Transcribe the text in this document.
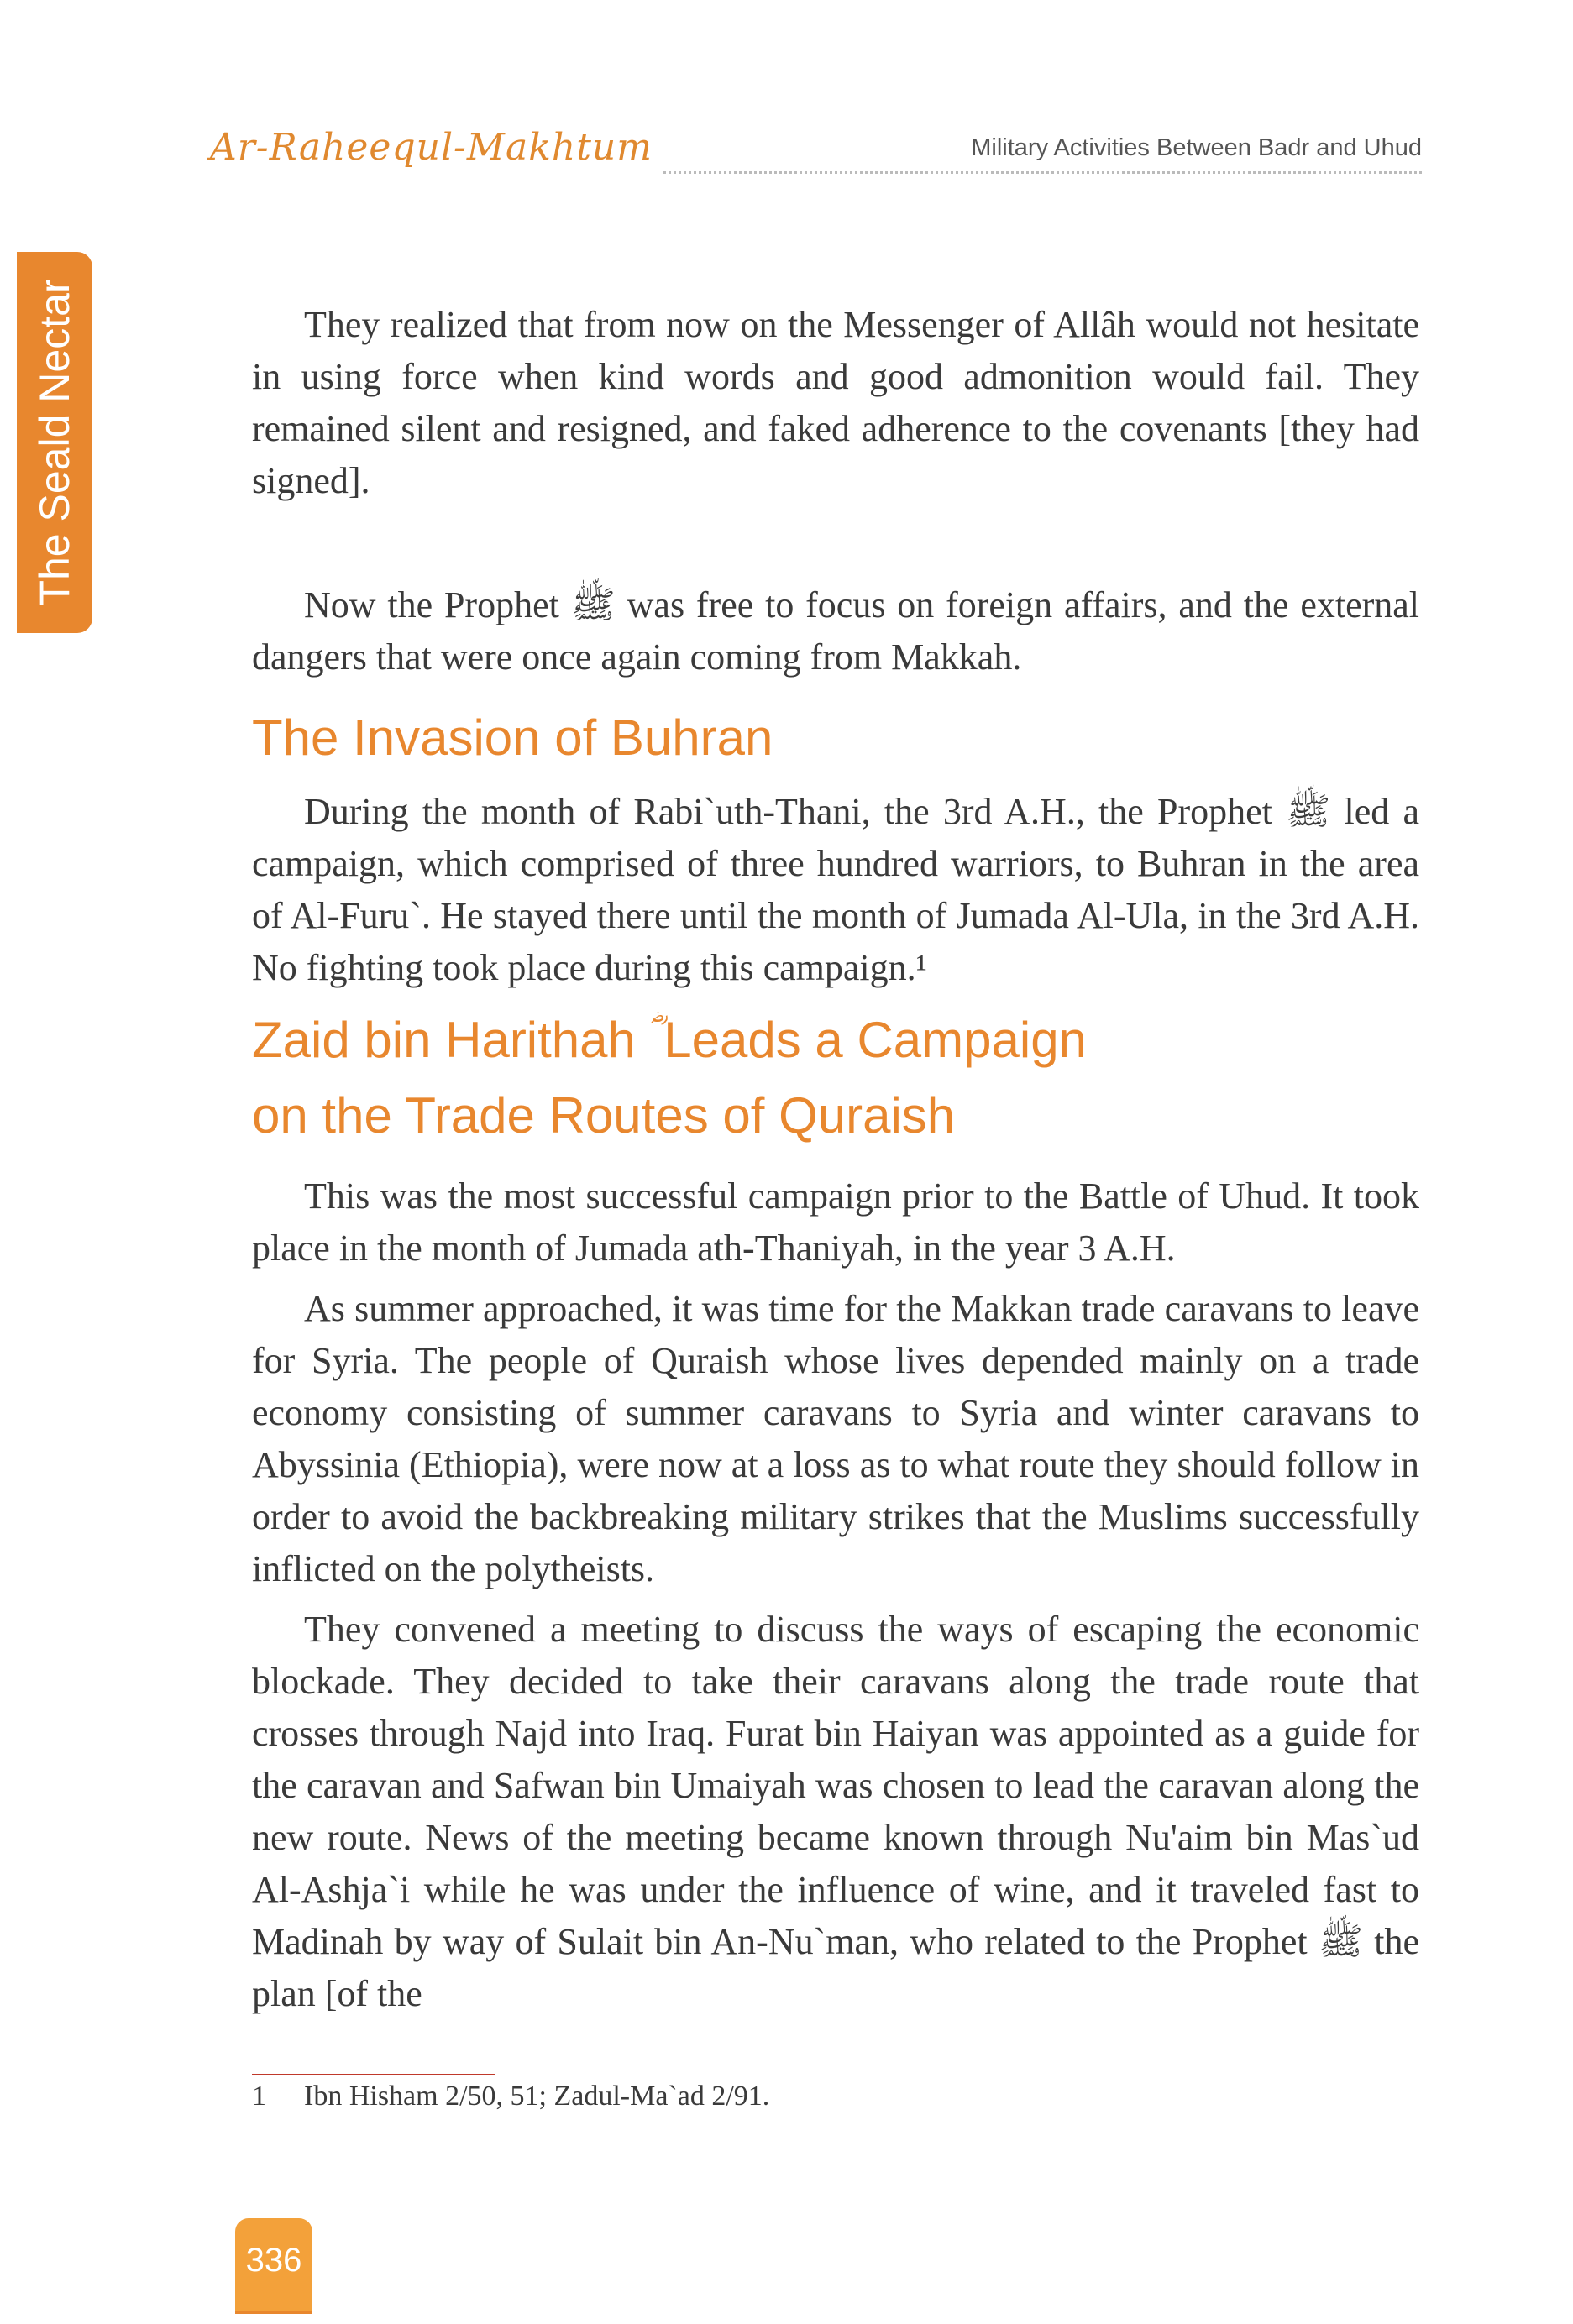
Ar-Raheequl-Makhtum	Military Activities Between Badr and Uhud
The Seald Nectar	They realized that from now on the Messenger of Allâh would not hesitate in using force when kind words and good admonition would fail. They remained silent and resigned, and faked adherence to the covenants [they had signed].

Now the Prophet ﷺ was free to focus on foreign affairs, and the external dangers that were once again coming from Makkah.

The Invasion of Buhran

During the month of Rabi`uth-Thani, the 3rd A.H., the Prophet ﷺ led a campaign, which comprised of three hundred warriors, to Buhran in the area of Al-Furu`. He stayed there until the month of Jumada Al-Ula, in the 3rd A.H. No fighting took place during this campaign.¹

Zaid bin Harithah ؓ Leads a Campaign
on the Trade Routes of Quraish

This was the most successful campaign prior to the Battle of Uhud. It took place in the month of Jumada ath-Thaniyah, in the year 3 A.H.

As summer approached, it was time for the Makkan trade caravans to leave for Syria. The people of Quraish whose lives depended mainly on a trade economy consisting of summer caravans to Syria and winter caravans to Abyssinia (Ethiopia), were now at a loss as to what route they should follow in order to avoid the backbreaking military strikes that the Muslims successfully inflicted on the polytheists.

They convened a meeting to discuss the ways of escaping the economic blockade. They decided to take their caravans along the trade route that crosses through Najd into Iraq. Furat bin Haiyan was appointed as a guide for the caravan and Safwan bin Umaiyah was chosen to lead the caravan along the new route. News of the meeting became known through Nu'aim bin Mas`ud Al-Ashja`i while he was under the influence of wine, and it traveled fast to Madinah by way of Sulait bin An-Nu`man, who related to the Prophet ﷺ the plan [of the

1 Ibn Hisham 2/50, 51; Zadul-Ma`ad 2/91.
336
